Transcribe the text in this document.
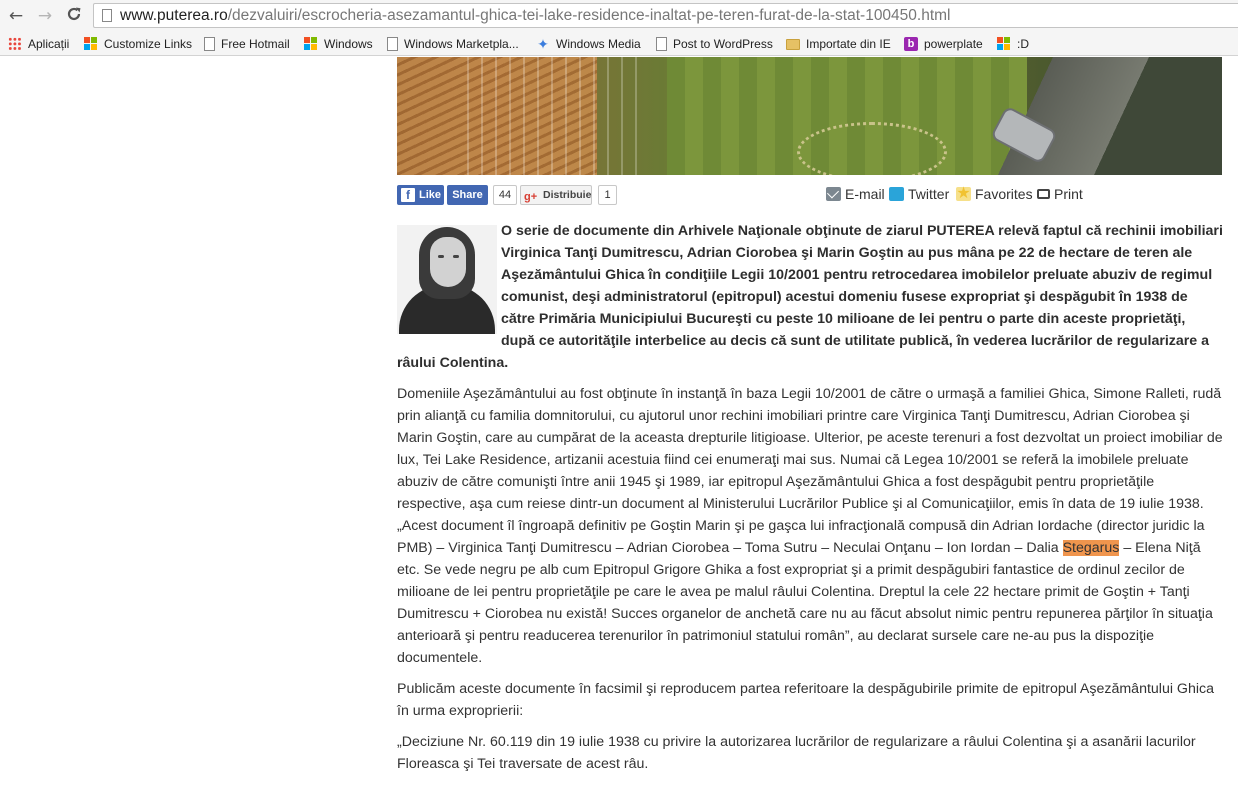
← →	www.puterea.ro/dezvaluiri/escrocheria-asezamantul-ghica-tei-lake-residence-inaltat-pe-teren-furat-de-la-stat-100450.html
Aplicații	Customize Links Free Hotmail	Windows	Windows Marketpla... ✦ Windows Media	Post to WordPress	Importate din IE	b powerplate	:D
f Like	Share	44	g+ Distribuie	1	E-mail Twitter ★ Favorites Print

O serie de documente din Arhivele Naţionale obţinute de ziarul PUTEREA relevă faptul că rechinii imobiliari Virginica Tanţi Dumitrescu, Adrian Ciorobea şi Marin Goştin au pus mâna pe 22 de hectare de teren ale Aşezământului Ghica în condiţiile Legii 10/2001 pentru retrocedarea imobilelor preluate abuziv de regimul comunist, deşi administratorul (epitropul) acestui domeniu fusese expropriat şi despăgubit în 1938 de către Primăria Municipiului Bucureşti cu peste 10 milioane de lei pentru o parte din aceste proprietăţi, după ce autorităţile interbelice au decis că sunt de utilitate publică, în vederea lucrărilor de regularizare a râului Colentina.

Domeniile Aşezământului au fost obţinute în instanţă în baza Legii 10/2001 de către o urmaşă a familiei Ghica, Simone Ralleti, rudă prin alianţă cu familia domnitorului, cu ajutorul unor rechini imobiliari printre care Virginica Tanţi Dumitrescu, Adrian Ciorobea şi Marin Goştin, care au cumpărat de la aceasta drepturile litigioase. Ulterior, pe aceste terenuri a fost dezvoltat un proiect imobiliar de lux, Tei Lake Residence, artizanii acestuia fiind cei enumeraţi mai sus. Numai că Legea 10/2001 se referă la imobilele preluate abuziv de către comunişti între anii 1945 şi 1989, iar epitropul Aşezământului Ghica a fost despăgubit pentru proprietăţile respective, aşa cum reiese dintr-un document al Ministerului Lucrărilor Publice şi al Comunicaţiilor, emis în data de 19 iulie 1938. „Acest document îl îngroapă definitiv pe Goştin Marin şi pe gaşca lui infracţională compusă din Adrian Iordache (director juridic la PMB) – Virginica Tanţi Dumitrescu – Adrian Ciorobea – Toma Sutru – Neculai Onţanu – Ion Iordan – Dalia Stegarus – Elena Niţă etc. Se vede negru pe alb cum Epitropul Grigore Ghika a fost expropriat şi a primit despăgubiri fantastice de ordinul zecilor de milioane de lei pentru proprietăţile pe care le avea pe malul râului Colentina. Dreptul la cele 22 hectare primit de Goştin + Tanţi Dumitrescu + Ciorobea nu există! Succes organelor de anchetă care nu au făcut absolut nimic pentru repunerea părţilor în situaţia anterioară şi pentru readucerea terenurilor în patrimoniul statului român”, au declarat sursele care ne-au pus la dispoziţie documentele.

Publicăm aceste documente în facsimil şi reproducem partea referitoare la despăgubirile primite de epitropul Aşezământului Ghica în urma exproprierii:

„Deciziune Nr. 60.119 din 19 iulie 1938 cu privire la autorizarea lucrărilor de regularizare a râului Colentina şi a asanării lacurilor Floreasca şi Tei traversate de acest râu.
